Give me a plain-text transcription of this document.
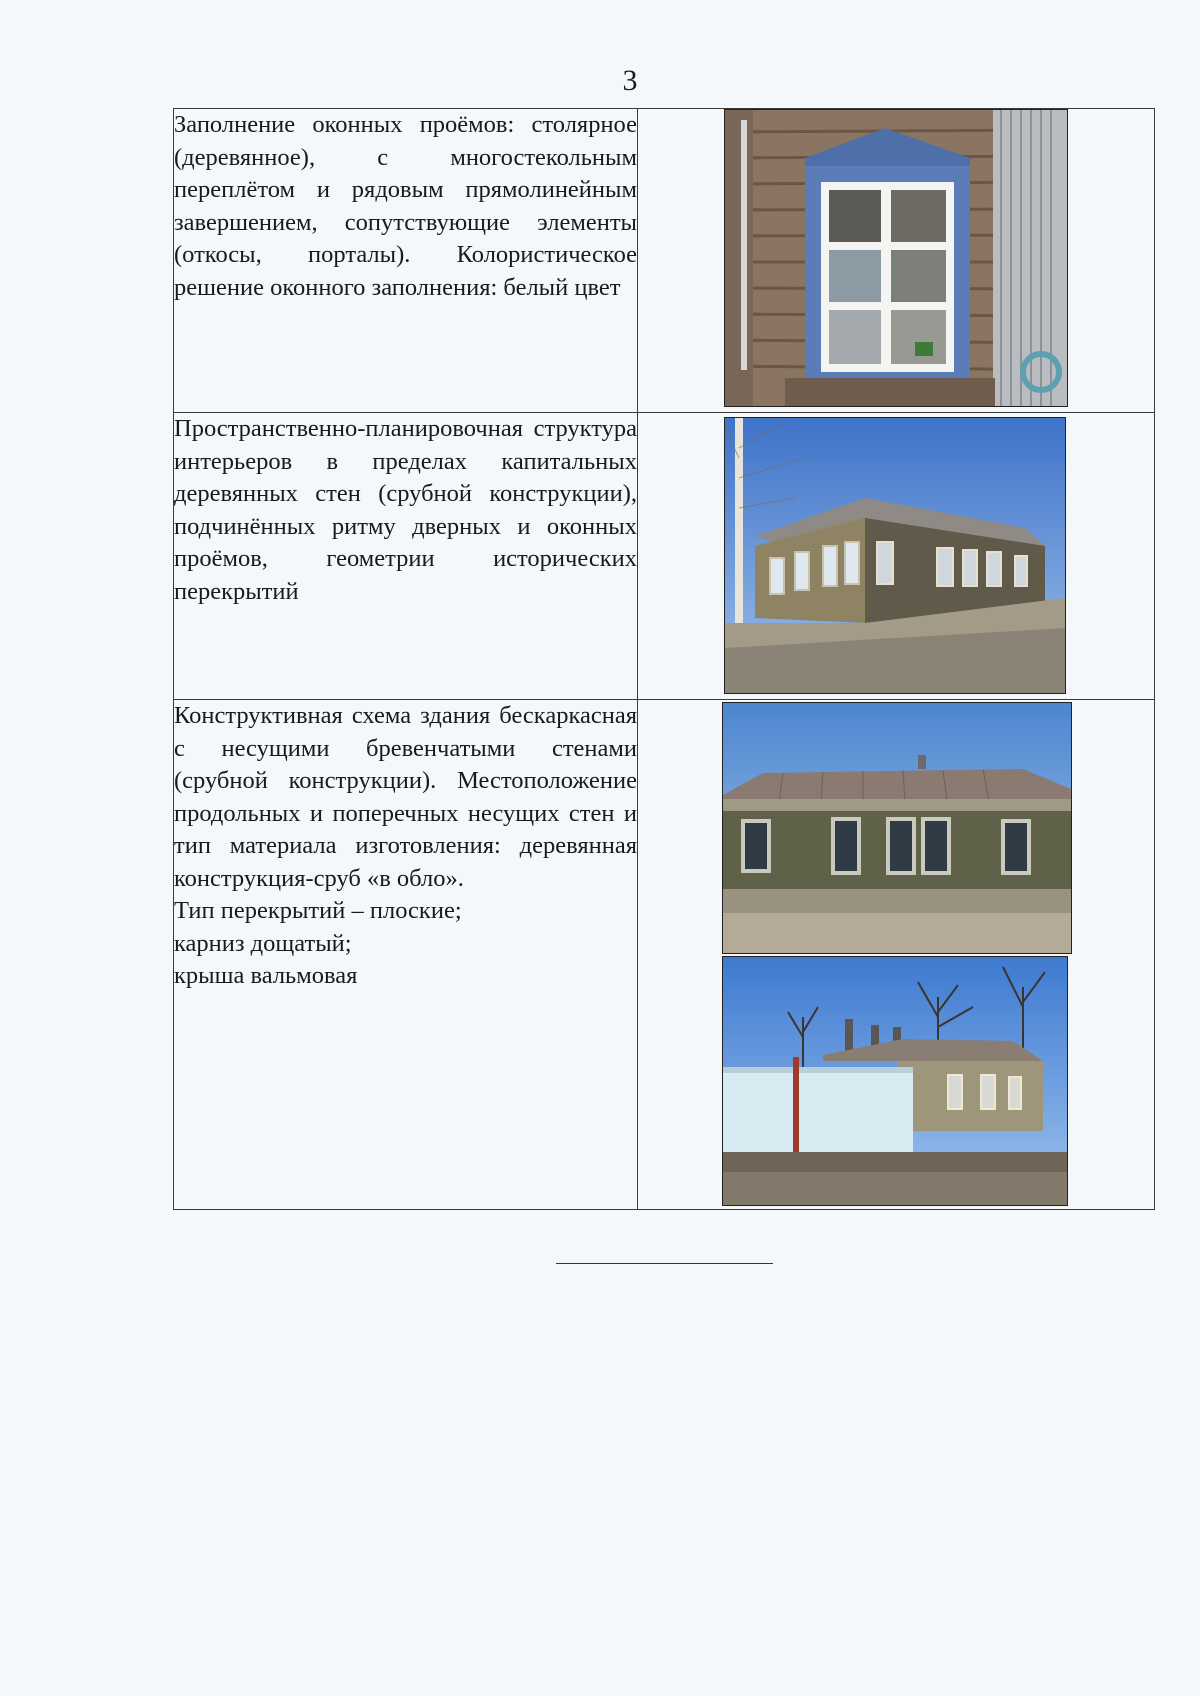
3

Заполнение оконных проёмов: столярное (деревянное), с многостекольным переплётом и рядовым прямолинейным завершением, сопутствующие элементы (откосы, порталы). Колористическое решение оконного заполнения: белый цвет

Пространственно-планировочная структура интерьеров в пределах капитальных деревянных стен (срубной конструкции), подчинённых ритму дверных и оконных проёмов, геометрии исторических перекрытий

Конструктивная схема здания бескаркасная с несущими бревенчатыми стенами (срубной конструкции). Местоположение продольных и поперечных несущих стен и тип материала изготовления: деревянная конструкция-сруб «в обло».

Тип перекрытий – плоские;

карниз дощатый;

крыша вальмовая
